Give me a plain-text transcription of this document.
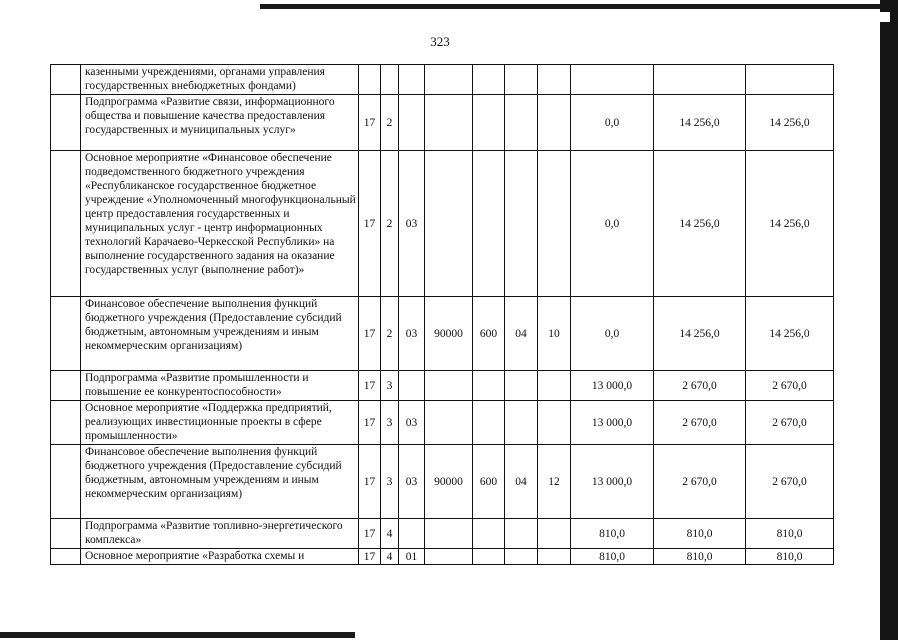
323
	казенными учреждениями, органами управления государственных внебюджетных фондами)										
	Подпрограмма «Развитие связи, информационного общества и повышение качества предоставления государственных и муниципальных услуг»	17	2						0,0	14 256,0	14 256,0
	Основное мероприятие «Финансовое обеспечение подведомственного бюджетного учреждения «Республиканское государственное бюджетное учреждение «Уполномоченный многофункциональный центр предоставления государственных и муниципальных услуг - центр информационных технологий Карачаево-Черкесской Республики» на выполнение государственного задания на оказание государственных услуг (выполнение работ)»	17	2	03					0,0	14 256,0	14 256,0
	Финансовое обеспечение выполнения функций бюджетного учреждения (Предоставление субсидий бюджетным, автономным учреждениям и иным некоммерческим организациям)	17	2	03	90000	600	04	10	0,0	14 256,0	14 256,0
	Подпрограмма «Развитие промышленности и повышение ее конкурентоспособности»	17	3						13 000,0	2 670,0	2 670,0
	Основное мероприятие «Поддержка предприятий, реализующих инвестиционные проекты в сфере промышленности»	17	3	03					13 000,0	2 670,0	2 670,0
	Финансовое обеспечение выполнения функций бюджетного учреждения (Предоставление субсидий бюджетным, автономным учреждениям и иным некоммерческим организациям)	17	3	03	90000	600	04	12	13 000,0	2 670,0	2 670,0
	Подпрограмма «Развитие топливно-энергетического комплекса»	17	4						810,0	810,0	810,0
	Основное мероприятие «Разработка схемы и	17	4	01					810,0	810,0	810,0
